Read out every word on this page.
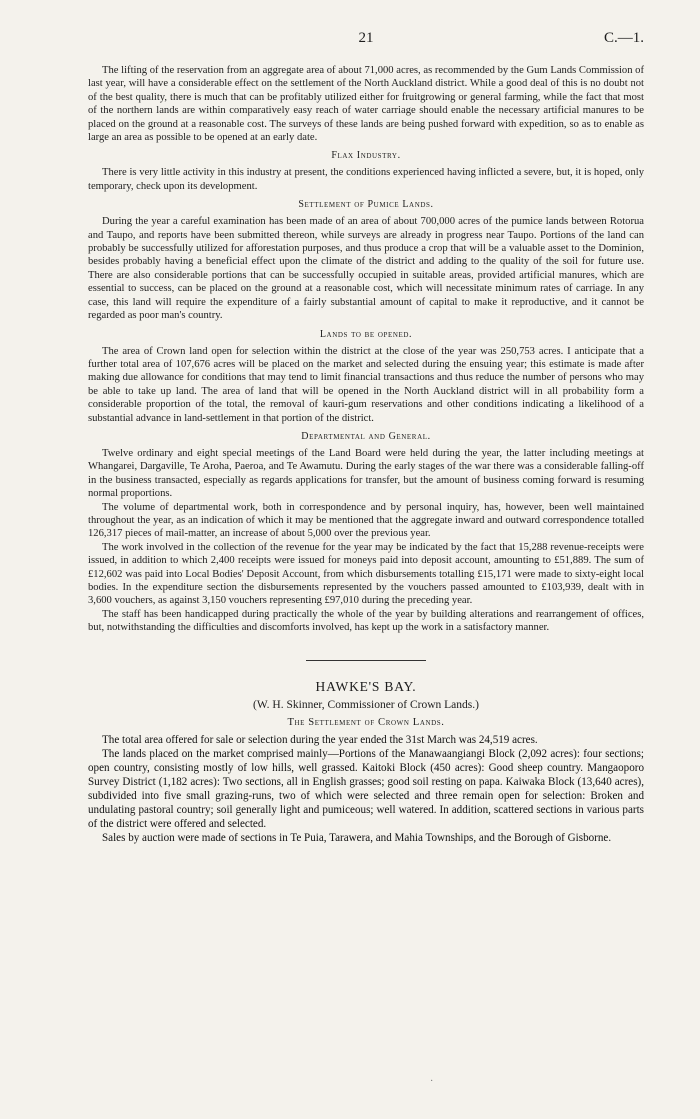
21	C.—1.

The lifting of the reservation from an aggregate area of about 71,000 acres, as recommended by the Gum Lands Commission of last year, will have a considerable effect on the settlement of the North Auckland district. While a good deal of this is no doubt not of the best quality, there is much that can be profitably utilized either for fruitgrowing or general farming, while the fact that most of the northern lands are within comparatively easy reach of water carriage should enable the necessary artificial manures to be placed on the ground at a reasonable cost. The surveys of these lands are being pushed forward with expedition, so as to enable as large an area as possible to be opened at an early date.

Flax Industry.

There is very little activity in this industry at present, the conditions experienced having inflicted a severe, but, it is hoped, only temporary, check upon its development.

Settlement of Pumice Lands.

During the year a careful examination has been made of an area of about 700,000 acres of the pumice lands between Rotorua and Taupo, and reports have been submitted thereon, while surveys are already in progress near Taupo. Portions of the land can probably be successfully utilized for afforestation purposes, and thus produce a crop that will be a valuable asset to the Dominion, besides probably having a beneficial effect upon the climate of the district and adding to the quality of the soil for future use. There are also considerable portions that can be successfully occupied in suitable areas, provided artificial manures, which are essential to success, can be placed on the ground at a reasonable cost, which will necessitate minimum rates of carriage. In any case, this land will require the expenditure of a fairly substantial amount of capital to make it reproductive, and it cannot be regarded as poor man's country.

Lands to be opened.

The area of Crown land open for selection within the district at the close of the year was 250,753 acres. I anticipate that a further total area of 107,676 acres will be placed on the market and selected during the ensuing year; this estimate is made after making due allowance for conditions that may tend to limit financial transactions and thus reduce the number of persons who may be able to take up land. The area of land that will be opened in the North Auckland district will in all probability form a considerable proportion of the total, the removal of kauri-gum reservations and other conditions indicating a likelihood of a substantial advance in land-settlement in that portion of the district.

Departmental and General.

Twelve ordinary and eight special meetings of the Land Board were held during the year, the latter including meetings at Whangarei, Dargaville, Te Aroha, Paeroa, and Te Awamutu. During the early stages of the war there was a considerable falling-off in the business transacted, especially as regards applications for transfer, but the amount of business coming forward is resuming normal proportions.

The volume of departmental work, both in correspondence and by personal inquiry, has, however, been well maintained throughout the year, as an indication of which it may be mentioned that the aggregate inward and outward correspondence totalled 126,317 pieces of mail-matter, an increase of about 5,000 over the previous year.

The work involved in the collection of the revenue for the year may be indicated by the fact that 15,288 revenue-receipts were issued, in addition to which 2,400 receipts were issued for moneys paid into deposit account, amounting to £51,889. The sum of £12,602 was paid into Local Bodies' Deposit Account, from which disbursements totalling £15,171 were made to sixty-eight local bodies. In the expenditure section the disbursements represented by the vouchers passed amounted to £103,939, dealt with in 3,600 vouchers, as against 3,150 vouchers representing £97,010 during the preceding year.

The staff has been handicapped during practically the whole of the year by building alterations and rearrangement of offices, but, notwithstanding the difficulties and discomforts involved, has kept up the work in a satisfactory manner.

HAWKE'S BAY.
(W. H. Skinner, Commissioner of Crown Lands.)
The Settlement of Crown Lands.

The total area offered for sale or selection during the year ended the 31st March was 24,519 acres.

The lands placed on the market comprised mainly—Portions of the Manawaangiangi Block (2,092 acres): four sections; open country, consisting mostly of low hills, well grassed. Kaitoki Block (450 acres): Good sheep country. Mangaoporo Survey District (1,182 acres): Two sections, all in English grasses; good soil resting on papa. Kaiwaka Block (13,640 acres), subdivided into five small grazing-runs, two of which were selected and three remain open for selection: Broken and undulating pastoral country; soil generally light and pumiceous; well watered. In addition, scattered sections in various parts of the district were offered and selected.

Sales by auction were made of sections in Te Puia, Tarawera, and Mahia Townships, and the Borough of Gisborne.

·
